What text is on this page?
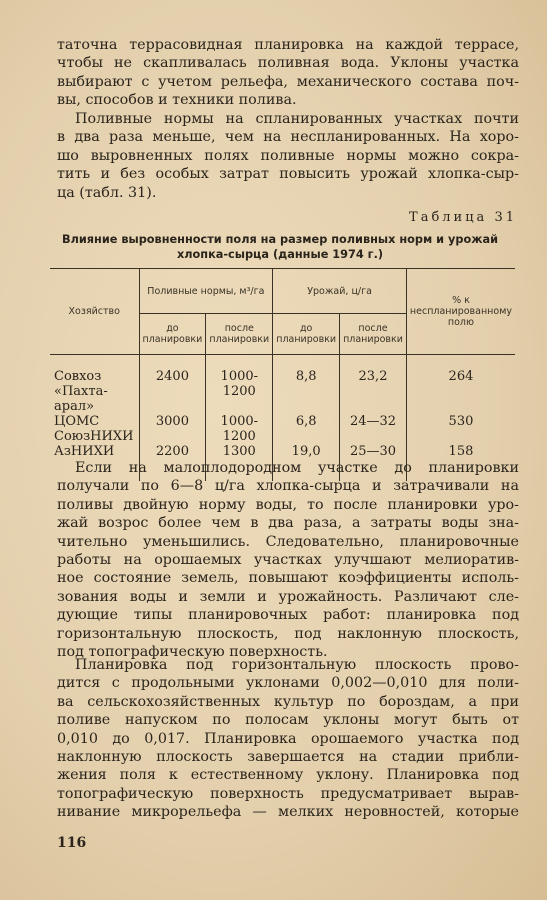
таточна террасовидная планировка на каждой террасе,
чтобы не скапливалась поливная вода. Уклоны участка
выбирают с учетом рельефа, механического состава поч-
вы, способов и техники полива.

Поливные нормы на спланированных участках почти
в два раза меньше, чем на неспланированных. На хоро-
шо выровненных полях поливные нормы можно сокра-
тить и без особых затрат повысить урожай хлопка-сыр-
ца (табл. 31).

Таблица 31
Влияние выровненности поля на размер поливных норм и урожай
хлопка-сырца (данные 1974 г.)
Хозяйство	Поливные нормы, м³/га		Урожай, ц/га		% к неспланированному полю
	до планировки	после планировки	до планировки	после планировки	

Совхоз «Пахта-арал»	2400	1000-1200	8,8	23,2	264
ЦОМС СоюзНИХИ	3000	1000-1200	6,8	24—32	530
АзНИХИ	2200	1300	19,0	25—30	158

Если на малоплодородном участке до планировки
получали по 6—8 ц/га хлопка-сырца и затрачивали на
поливы двойную норму воды, то после планировки уро-
жай возрос более чем в два раза, а затраты воды зна-
чительно уменьшились. Следовательно, планировочные
работы на орошаемых участках улучшают мелиоратив-
ное состояние земель, повышают коэффициенты исполь-
зования воды и земли и урожайность. Различают сле-
дующие типы планировочных работ: планировка под
горизонтальную плоскость, под наклонную плоскость,
под топографическую поверхность.

Планировка под горизонтальную плоскость прово-
дится с продольными уклонами 0,002—0,010 для поли-
ва сельскохозяйственных культур по бороздам, а при
поливе напуском по полосам уклоны могут быть от
0,010 до 0,017. Планировка орошаемого участка под
наклонную плоскость завершается на стадии прибли-
жения поля к естественному уклону. Планировка под
топографическую поверхность предусматривает вырав-
нивание микрорельефа — мелких неровностей, которые

116
